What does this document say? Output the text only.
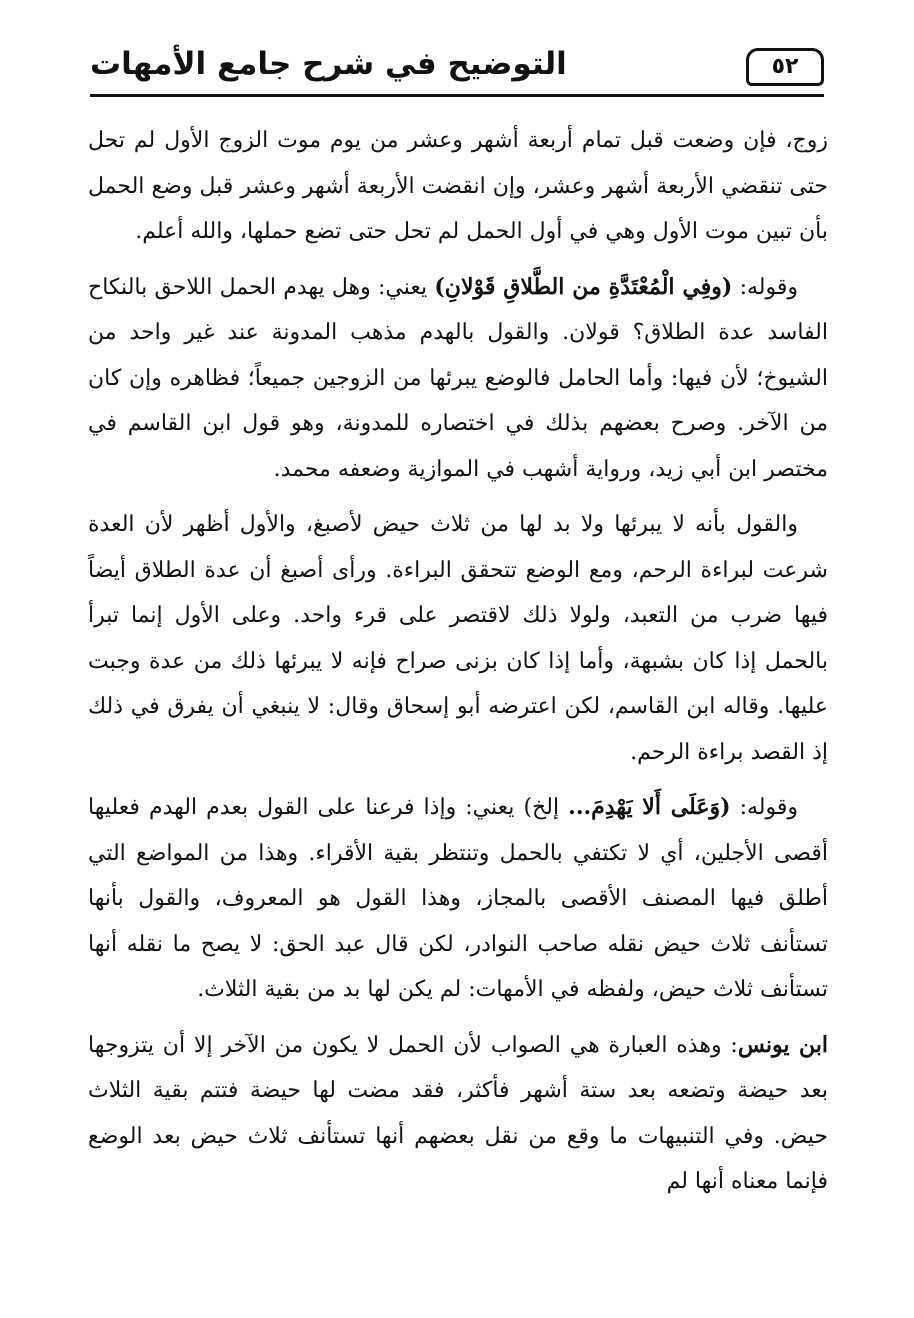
التوضيح في شرح جامع الأمهات	٥٢

زوج، فإن وضعت قبل تمام أربعة أشهر وعشر من يوم موت الزوج الأول لم تحل حتى تنقضي الأربعة أشهر وعشر، وإن انقضت الأربعة أشهر وعشر قبل وضع الحمل بأن تبين موت الأول وهي في أول الحمل لم تحل حتى تضع حملها، والله أعلم.

وقوله: (وفِي الْمُعْتَدَّةِ من الطَّلاقِ قَوْلانِ) يعني: وهل يهدم الحمل اللاحق بالنكاح الفاسد عدة الطلاق؟ قولان. والقول بالهدم مذهب المدونة عند غير واحد من الشيوخ؛ لأن فيها: وأما الحامل فالوضع يبرئها من الزوجين جميعاً؛ فظاهره وإن كان من الآخر. وصرح بعضهم بذلك في اختصاره للمدونة، وهو قول ابن القاسم في مختصر ابن أبي زيد، ورواية أشهب في الموازية وضعفه محمد.

والقول بأنه لا يبرئها ولا بد لها من ثلاث حيض لأصبغ، والأول أظهر لأن العدة شرعت لبراءة الرحم، ومع الوضع تتحقق البراءة. ورأى أصبغ أن عدة الطلاق أيضاً فيها ضرب من التعبد، ولولا ذلك لاقتصر على قرء واحد. وعلى الأول إنما تبرأ بالحمل إذا كان بشبهة، وأما إذا كان بزنى صراح فإنه لا يبرئها ذلك من عدة وجبت عليها. وقاله ابن القاسم، لكن اعترضه أبو إسحاق وقال: لا ينبغي أن يفرق في ذلك إذ القصد براءة الرحم.

وقوله: (وَعَلَى أَلا يَهْدِمَ... إلخ) يعني: وإذا فرعنا على القول بعدم الهدم فعليها أقصى الأجلين، أي لا تكتفي بالحمل وتنتظر بقية الأقراء. وهذا من المواضع التي أطلق فيها المصنف الأقصى بالمجاز، وهذا القول هو المعروف، والقول بأنها تستأنف ثلاث حيض نقله صاحب النوادر، لكن قال عبد الحق: لا يصح ما نقله أنها تستأنف ثلاث حيض، ولفظه في الأمهات: لم يكن لها بد من بقية الثلاث.

ابن يونس: وهذه العبارة هي الصواب لأن الحمل لا يكون من الآخر إلا أن يتزوجها بعد حيضة وتضعه بعد ستة أشهر فأكثر، فقد مضت لها حيضة فتتم بقية الثلاث حيض. وفي التنبيهات ما وقع من نقل بعضهم أنها تستأنف ثلاث حيض بعد الوضع فإنما معناه أنها لم
